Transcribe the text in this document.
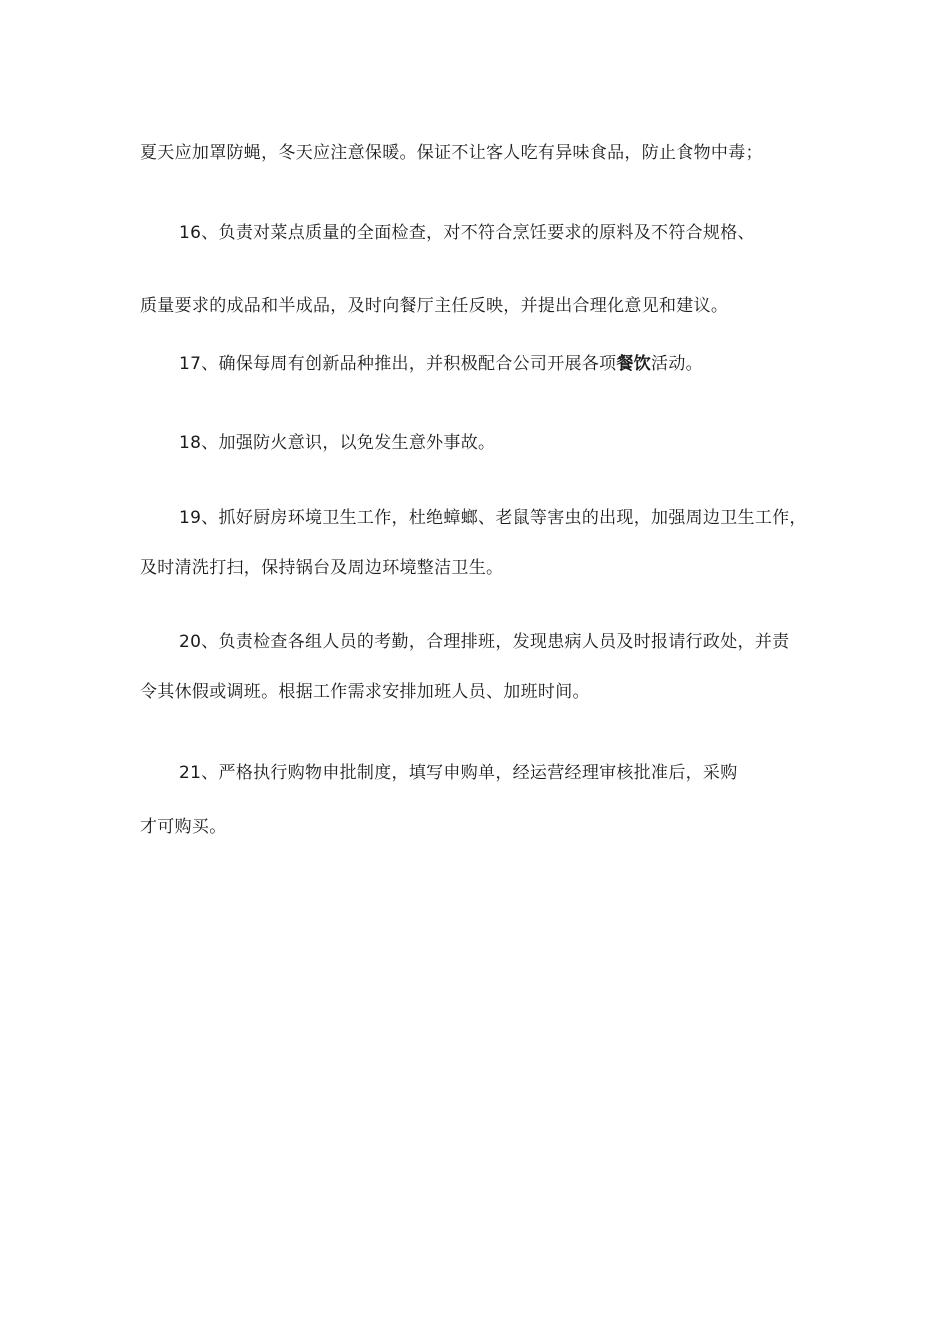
夏天应加罩防蝇，冬天应注意保暖。保证不让客人吃有异味食品，防止食物中毒；
16、负责对菜点质量的全面检查，对不符合烹饪要求的原料及不符合规格、
质量要求的成品和半成品，及时向餐厅主任反映，并提出合理化意见和建议。
17、确保每周有创新品种推出，并积极配合公司开展各项餐饮活动。
18、加强防火意识，以免发生意外事故。
19、抓好厨房环境卫生工作，杜绝蟑螂、老鼠等害虫的出现，加强周边卫生工作，
及时清洗打扫，保持锅台及周边环境整洁卫生。
20、负责检查各组人员的考勤，合理排班，发现患病人员及时报请行政处，并责
令其休假或调班。根据工作需求安排加班人员、加班时间。
21、严格执行购物申批制度，填写申购单，经运营经理审核批准后，采购
才可购买。
